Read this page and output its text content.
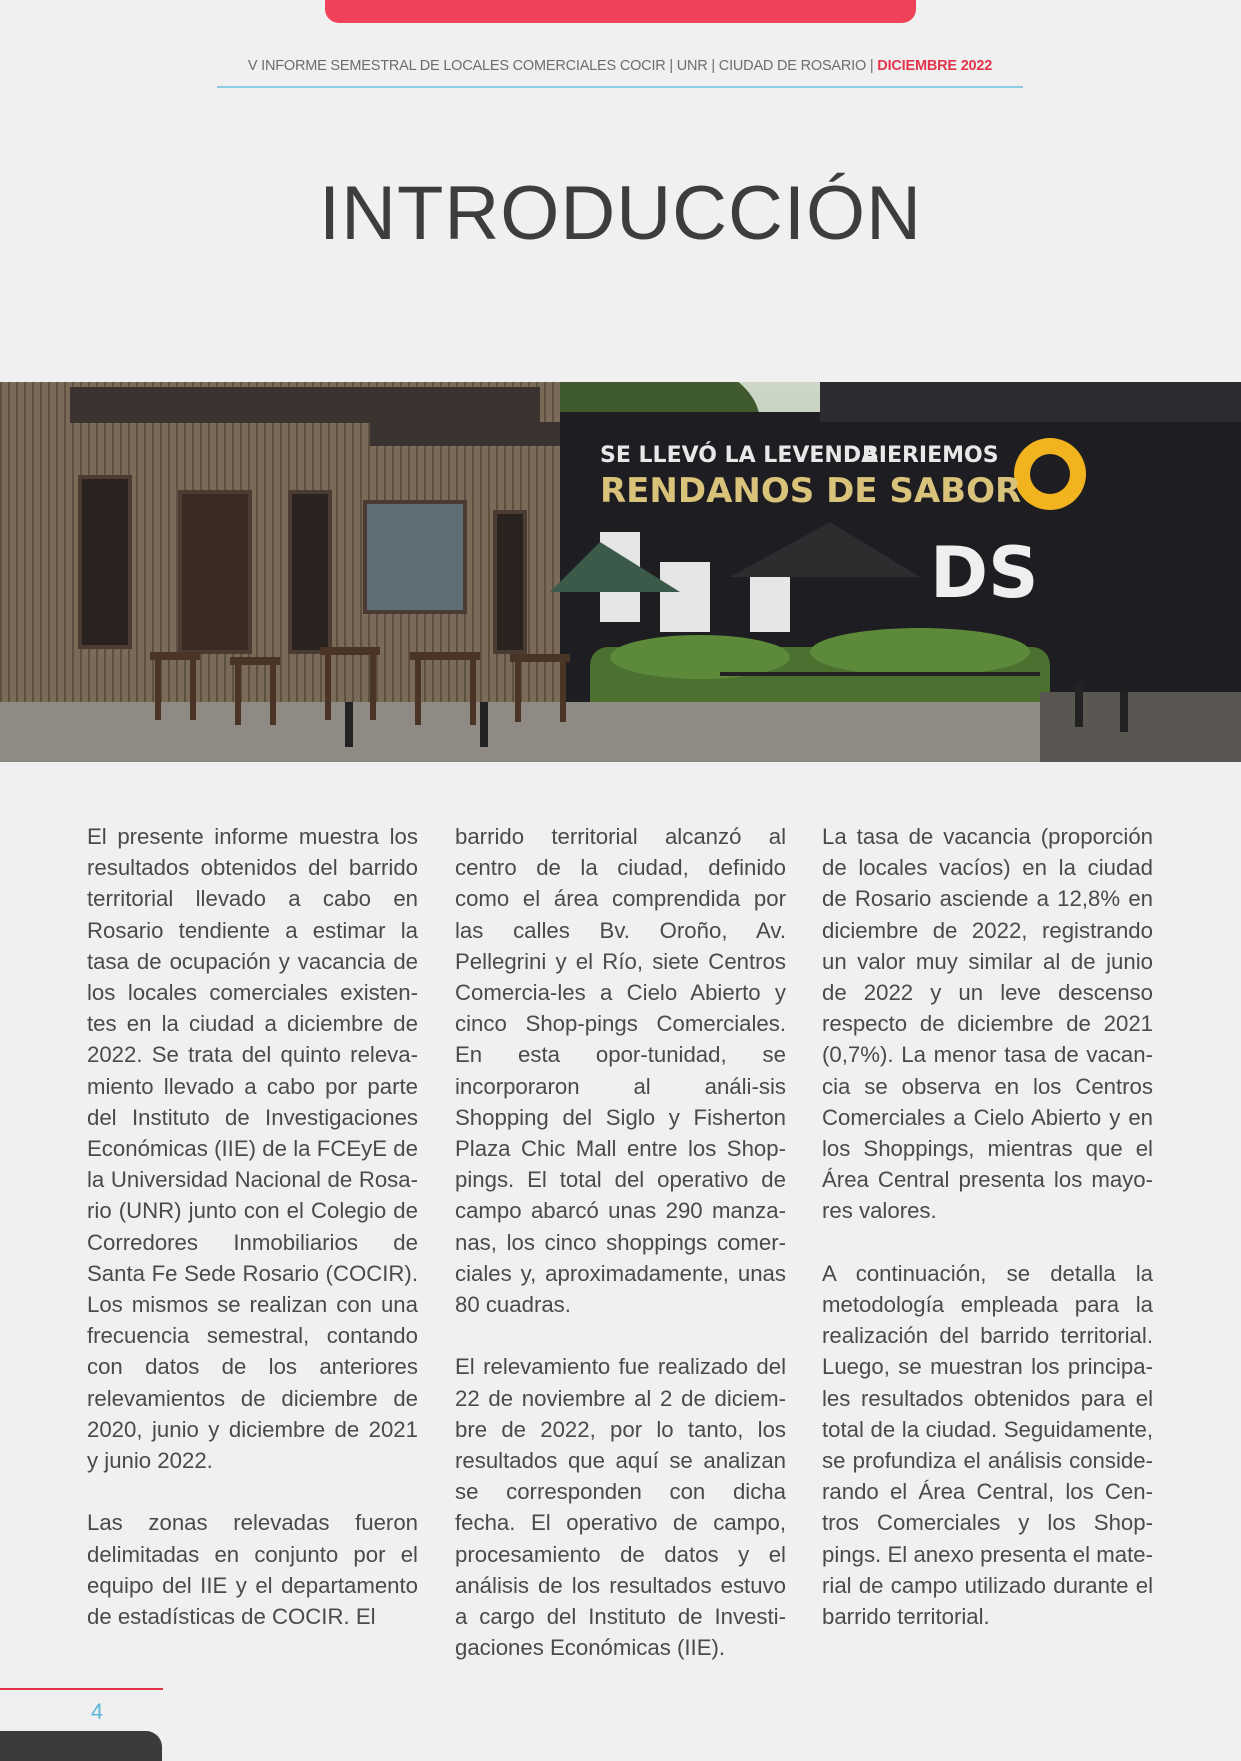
V INFORME SEMESTRAL DE LOCALES COMERCIALES COCIR | UNR | CIUDAD DE ROSARIO | DICIEMBRE 2022
INTRODUCCIÓN
SE LLEVÓ LA LEVENDA
BIERIEMOS
RENDANOS DE SABOR
DS

El presente informe muestra los resultados obtenidos del barrido territorial llevado a cabo en Rosario tendiente a estimar la tasa de ocupación y vacancia de los locales comerciales existen-tes en la ciudad a diciembre de 2022. Se trata del quinto releva-miento llevado a cabo por parte del Instituto de Investigaciones Económicas (IIE) de la FCEyE de la Universidad Nacional de Rosa-rio (UNR) junto con el Colegio de Corredores Inmobiliarios de Santa Fe Sede Rosario (COCIR). Los mismos se realizan con una frecuencia semestral, contando con datos de los anteriores relevamientos de diciembre de 2020, junio y diciembre de 2021 y junio 2022.

Las zonas relevadas fueron delimitadas en conjunto por el equipo del IIE y el departamento de estadísticas de COCIR. El

barrido territorial alcanzó al centro de la ciudad, definido como el área comprendida por las calles Bv. Oroño, Av. Pellegrini y el Río, siete Centros Comercia-les a Cielo Abierto y cinco Shop-pings Comerciales. En esta opor-tunidad, se incorporaron al análi-sis Shopping del Siglo y Fisherton Plaza Chic Mall entre los Shop-pings. El total del operativo de campo abarcó unas 290 manza-nas, los cinco shoppings comer-ciales y, aproximadamente, unas 80 cuadras.

El relevamiento fue realizado del 22 de noviembre al 2 de diciem-bre de 2022, por lo tanto, los resultados que aquí se analizan se corresponden con dicha fecha. El operativo de campo, procesamiento de datos y el análisis de los resultados estuvo a cargo del Instituto de Investi-gaciones Económicas (IIE).

La tasa de vacancia (proporción de locales vacíos) en la ciudad de Rosario asciende a 12,8% en diciembre de 2022, registrando un valor muy similar al de junio de 2022 y un leve descenso respecto de diciembre de 2021 (0,7%). La menor tasa de vacan-cia se observa en los Centros Comerciales a Cielo Abierto y en los Shoppings, mientras que el Área Central presenta los mayo-res valores.

A continuación, se detalla la metodología empleada para la realización del barrido territorial. Luego, se muestran los principa-les resultados obtenidos para el total de la ciudad. Seguidamente, se profundiza el análisis conside-rando el Área Central, los Cen-tros Comerciales y los Shop-pings. El anexo presenta el mate-rial de campo utilizado durante el barrido territorial.

4
